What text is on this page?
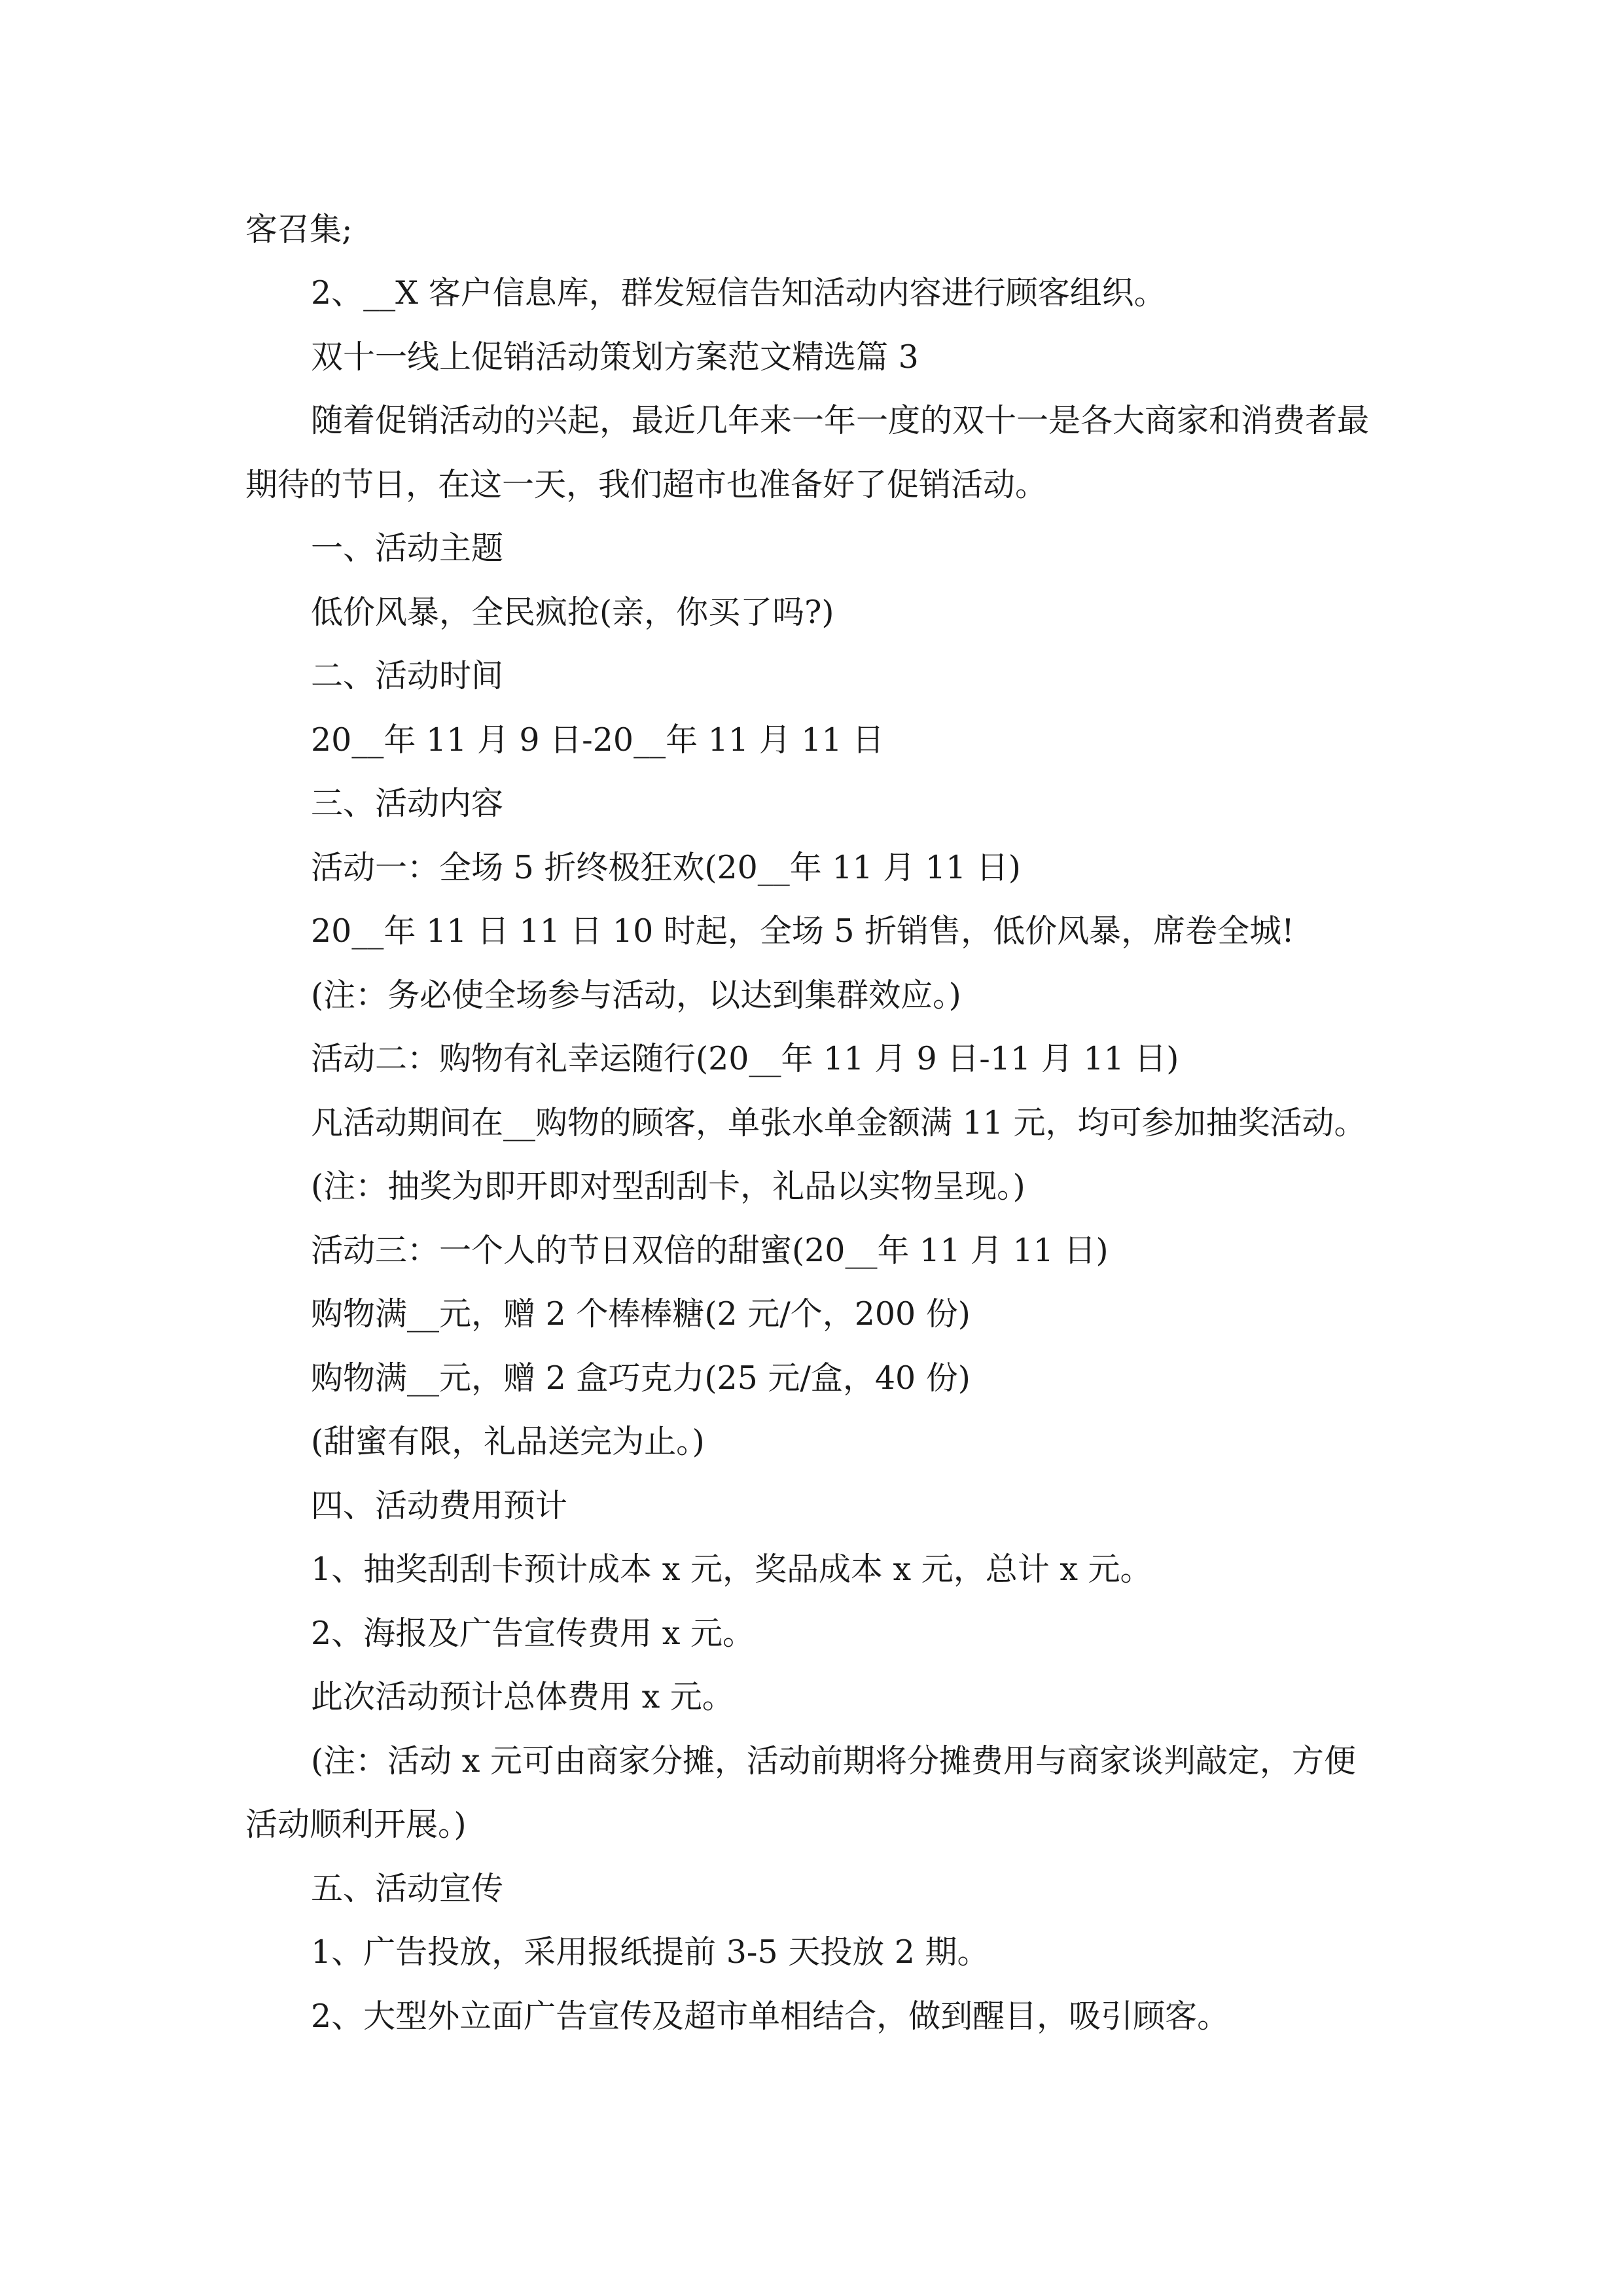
客召集;

2、__X 客户信息库，群发短信告知活动内容进行顾客组织。

双十一线上促销活动策划方案范文精选篇 3

随着促销活动的兴起，最近几年来一年一度的双十一是各大商家和消费者最

期待的节日，在这一天，我们超市也准备好了促销活动。

一、活动主题

低价风暴，全民疯抢(亲，你买了吗?)

二、活动时间

20__年 11 月 9 日-20__年 11 月 11 日

三、活动内容

活动一：全场 5 折终极狂欢(20__年 11 月 11 日)

20__年 11 日 11 日 10 时起，全场 5 折销售，低价风暴，席卷全城!

(注：务必使全场参与活动，以达到集群效应。)

活动二：购物有礼幸运随行(20__年 11 月 9 日-11 月 11 日)

凡活动期间在__购物的顾客，单张水单金额满 11 元，均可参加抽奖活动。

(注：抽奖为即开即对型刮刮卡，礼品以实物呈现。)

活动三：一个人的节日双倍的甜蜜(20__年 11 月 11 日)

购物满__元，赠 2 个棒棒糖(2 元/个，200 份)

购物满__元，赠 2 盒巧克力(25 元/盒，40 份)

(甜蜜有限，礼品送完为止。)

四、活动费用预计

1、抽奖刮刮卡预计成本 x 元，奖品成本 x 元，总计 x 元。

2、海报及广告宣传费用 x 元。

此次活动预计总体费用 x 元。

(注：活动 x 元可由商家分摊，活动前期将分摊费用与商家谈判敲定，方便

活动顺利开展。)

五、活动宣传

1、广告投放，采用报纸提前 3-5 天投放 2 期。

2、大型外立面广告宣传及超市单相结合，做到醒目，吸引顾客。
